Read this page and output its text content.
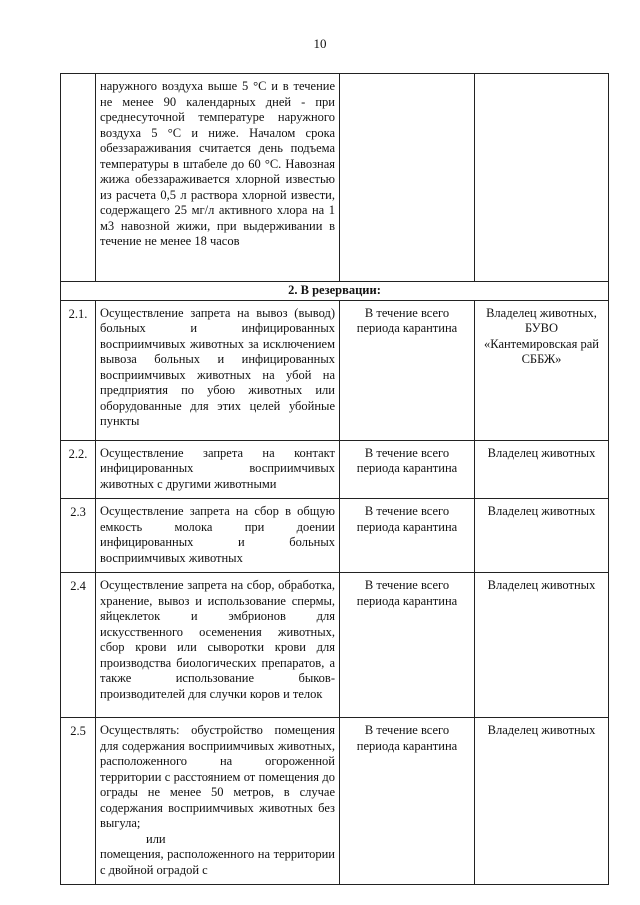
10
	наружного воздуха выше 5 °С и в течение не менее 90 календарных дней - при среднесуточной температуре наружного воздуха 5 °С и ниже. Началом срока обеззараживания считается день подъема температуры в штабеле до 60 °С. Навозная жижа обеззараживается хлорной известью из расчета 0,5 л раствора хлорной извести, содержащего 25 мг/л активного хлора на 1 м3 навозной жижи, при выдерживании в течение не менее 18 часов		
2. В резервации:			
2.1.	Осуществление запрета на вывоз (вывод) больных и инфицированных восприимчивых животных за исключением вывоза больных и инфицированных восприимчивых животных на убой на предприятия по убою животных или оборудованные для этих целей убойные пункты	В течение всего периода карантина	Владелец животных, БУВО «Кантемировская рай СББЖ»
2.2.	Осуществление запрета на контакт инфицированных восприимчивых животных с другими животными	В течение всего периода карантина	Владелец животных
2.3	Осуществление запрета на сбор в общую емкость молока при доении инфицированных и больных восприимчивых животных	В течение всего периода карантина	Владелец животных
2.4	Осуществление запрета на сбор, обработка, хранение, вывоз и использование спермы, яйцеклеток и эмбрионов для искусственного осеменения животных, сбор крови или сыворотки крови для производства биологических препаратов, а также использование быков-производителей для случки коров и телок	В течение всего периода карантина	Владелец животных
2.5	Осуществлять: обустройство помещения для содержания восприимчивых животных, расположенного на огороженной территории с расстоянием от помещения до ограды не менее 50 метров, в случае содержания восприимчивых животных без выгула;
или
помещения, расположенного на территории с двойной оградой с	В течение всего периода карантина	Владелец животных
